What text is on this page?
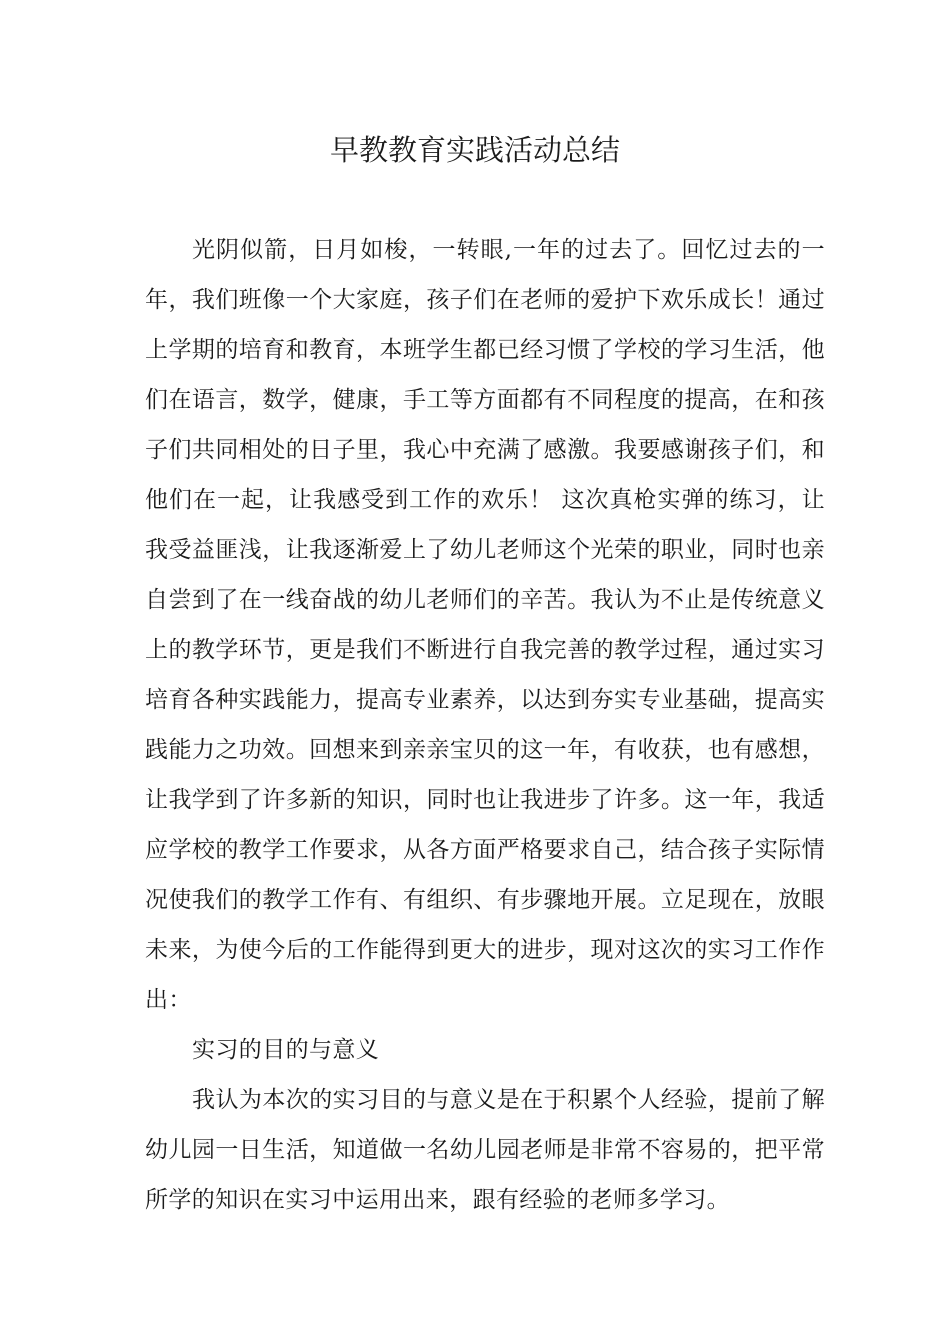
早教教育实践活动总结

光阴似箭，日月如梭，一转眼,一年的过去了。回忆过去的一年，我们班像一个大家庭，孩子们在老师的爱护下欢乐成长！通过上学期的培育和教育，本班学生都已经习惯了学校的学习生活，他们在语言，数学，健康，手工等方面都有不同程度的提高，在和孩子们共同相处的日子里，我心中充满了感激。我要感谢孩子们，和他们在一起，让我感受到工作的欢乐！ 这次真枪实弹的练习，让我受益匪浅，让我逐渐爱上了幼儿老师这个光荣的职业，同时也亲自尝到了在一线奋战的幼儿老师们的辛苦。我认为不止是传统意义上的教学环节，更是我们不断进行自我完善的教学过程，通过实习培育各种实践能力，提高专业素养，以达到夯实专业基础，提高实践能力之功效。回想来到亲亲宝贝的这一年，有收获，也有感想，让我学到了许多新的知识，同时也让我进步了许多。这一年，我适应学校的教学工作要求，从各方面严格要求自己，结合孩子实际情况使我们的教学工作有、有组织、有步骤地开展。立足现在，放眼未来，为使今后的工作能得到更大的进步，现对这次的实习工作作出：

实习的目的与意义

我认为本次的实习目的与意义是在于积累个人经验，提前了解幼儿园一日生活，知道做一名幼儿园老师是非常不容易的，把平常所学的知识在实习中运用出来，跟有经验的老师多学习。
